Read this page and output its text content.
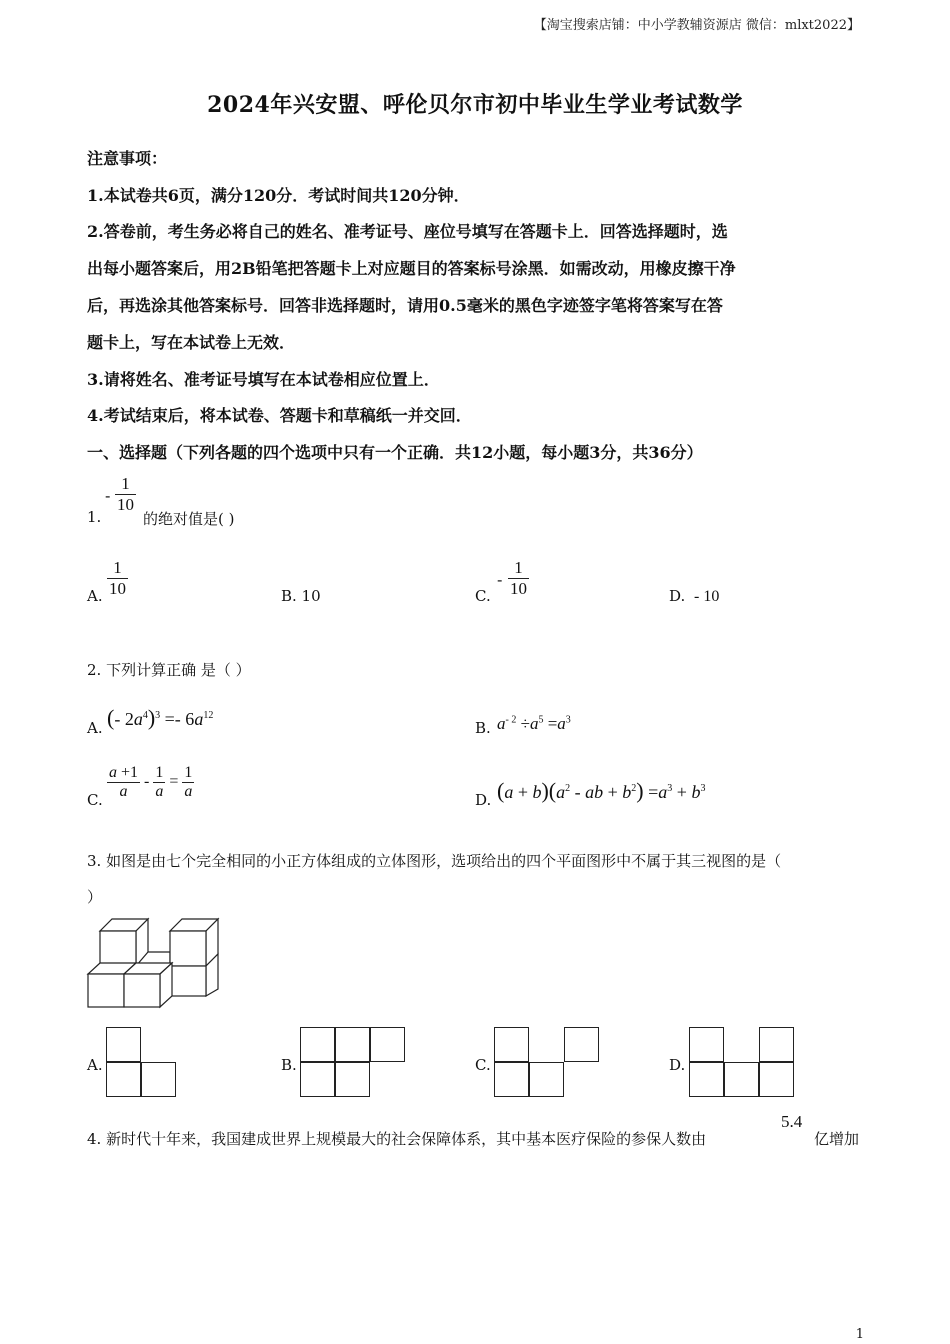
【淘宝搜索店铺：中小学教辅资源店 微信：mlxt2022】
2024年兴安盟、呼伦贝尔市初中毕业生学业考试数学
注意事项：
1.本试卷共6页，满分120分．考试时间共120分钟．
2.答卷前，考生务必将自己的姓名、准考证号、座位号填写在答题卡上．回答选择题时，选
出每小题答案后，用2B铅笔把答题卡上对应题目的答案标号涂黑．如需改动，用橡皮擦干净
后，再选涂其他答案标号．回答非选择题时，请用0.5毫米的黑色字迹签字笔将答案写在答
题卡上，写在本试卷上无效．
3.请将姓名、准考证号填写在本试卷相应位置上．
4.考试结束后，将本试卷、答题卡和草稿纸一并交回．
一、选择题（下列各题的四个选项中只有一个正确．共12小题，每小题3分，共36分）
1.
- $\frac{1}{10}$
的绝对值是( )
A. $\frac{1}{10}$	B. 10	C.
- $\frac{1}{10}$	D. - 10
2. 下列计算正确 是（ ）
A. (- $2a^4)^3 =- 6a^{12}$
B. $a^{- 2} \div a^5 =a^3$
C. $\frac{a +1}{a} - \frac{1}{a} = \frac{1}{a}$	D. $(a + b)(a^2$ - ab + $b^2) =a^3 + b^3$
3. 如图是由七个完全相同的小正方体组成的立体图形，选项给出的四个平面图形中不属于其三视图的是（
）
A.	B.	C.	D.
4. 新时代十年来，我国建成世界上规模最大的社会保障体系，其中基本医疗保险的参保人数由
5.4
亿增加
1
